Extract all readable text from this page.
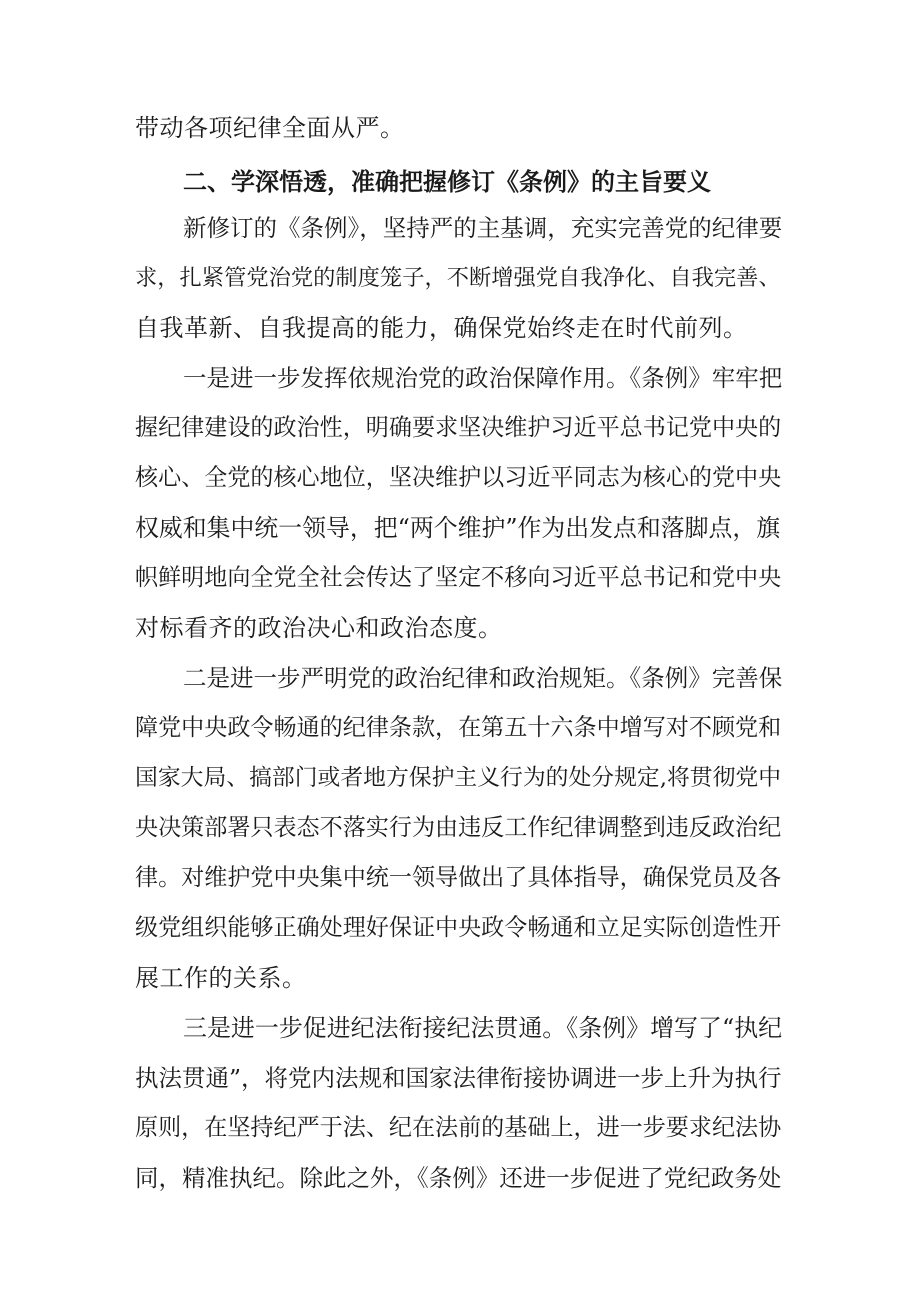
带动各项纪律全面从严。
二、学深悟透，准确把握修订《条例》的主旨要义
新修订的《条例》，坚持严的主基调，充实完善党的纪律要
求，扎紧管党治党的制度笼子，不断增强党自我净化、自我完善、
自我革新、自我提高的能力，确保党始终走在时代前列。
一是进一步发挥依规治党的政治保障作用。《条例》牢牢把
握纪律建设的政治性，明确要求坚决维护习近平总书记党中央的
核心、全党的核心地位，坚决维护以习近平同志为核心的党中央
权威和集中统一领导，把“两个维护”作为出发点和落脚点，旗
帜鲜明地向全党全社会传达了坚定不移向习近平总书记和党中央
对标看齐的政治决心和政治态度。
二是进一步严明党的政治纪律和政治规矩。《条例》完善保
障党中央政令畅通的纪律条款，在第五十六条中增写对不顾党和
国家大局、搞部门或者地方保护主义行为的处分规定,将贯彻党中
央决策部署只表态不落实行为由违反工作纪律调整到违反政治纪
律。对维护党中央集中统一领导做出了具体指导，确保党员及各
级党组织能够正确处理好保证中央政令畅通和立足实际创造性开
展工作的关系。
三是进一步促进纪法衔接纪法贯通。《条例》增写了“执纪
执法贯通”，将党内法规和国家法律衔接协调进一步上升为执行
原则，在坚持纪严于法、纪在法前的基础上，进一步要求纪法协
同，精准执纪。除此之外，《条例》还进一步促进了党纪政务处
